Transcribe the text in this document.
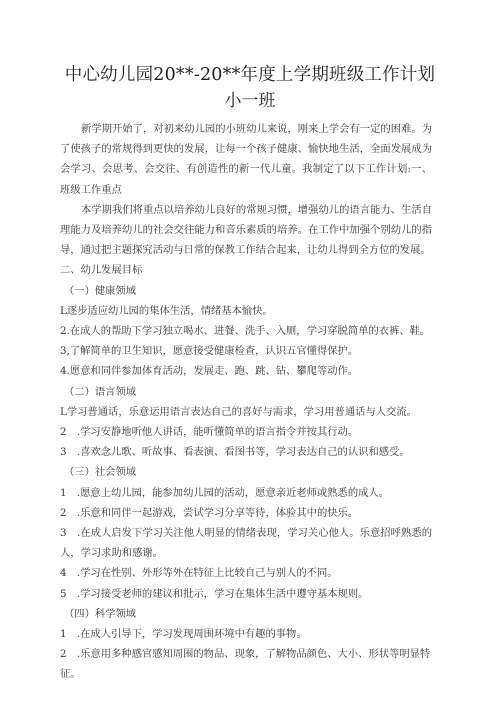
中心幼儿园20**-20**年度上学期班级工作计划
小一班

新学期开始了，对初来幼儿园的小班幼儿来说，刚来上学会有一定的困难。为了使孩子的常规得到更快的发展，让每一个孩子健康、愉快地生活，全面发展成为会学习、会思考、会交往、有创造性的新一代儿童。我制定了以下工作计划:一、班级工作重点

本学期我们将重点以培养幼儿良好的常规习惯，增强幼儿的语言能力、生活自理能力及培养幼儿的社会交往能力和音乐素质的培养。在工作中加强个别幼儿的指导，通过把主题探究活动与日常的保教工作结合起来，让幼儿得到全方位的发展。

二、幼儿发展目标

（一）健康领域

L逐步适应幼儿园的集体生活，情绪基本愉快。

2.在成人的帮助下学习独立喝水、进餐、洗手、入厕，学习穿脱简单的衣裤、鞋。

3,了解简单的卫生知识，愿意接受健康检查，认识五官懂得保护。

4.愿意和同伴参加体育活动，发展走、跑、跳、钻、攀爬等动作。

（二）语言领域

L学习普通话，乐意运用语言表达自己的喜好与需求，学习用普通话与人交流。

2　.学习安静地听他人讲话，能听懂简单的语言指令并按其行动。

3　.喜欢念儿歌、听故事、看表演、看图书等，学习表达自己的认识和感受。

（三）社会领域

1　.愿意上幼儿园，能参加幼儿园的活动，愿意亲近老师或熟悉的成人。

2　.乐意和同伴一起游戏，尝试学习分享等待，体验其中的快乐。

3　.在成人启发下学习关注他人明显的情绪表现，学习关心他人。乐意招呼熟悉的人，学习求助和感谢。

4　.学习在性别、外形等外在特征上比较自己与别人的不同。

5　.学习接受老师的建议和批示，学习在集体生活中遵守基本规则。

（四）科学领域

1　.在成人引导下，学习发现周围环境中有趣的事物。

2　.乐意用多种感官感知周围的物品、现象，了解物品颜色、大小、形状等明显特征。
